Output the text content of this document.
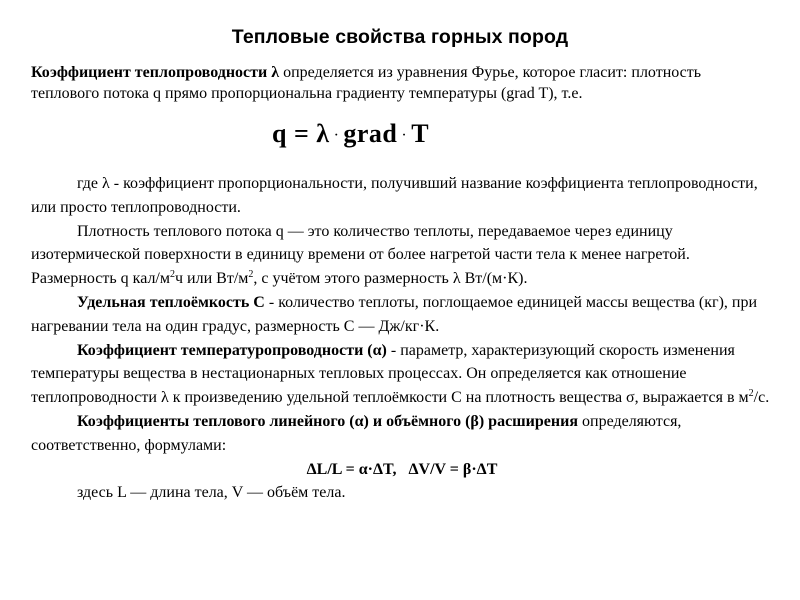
Тепловые свойства горных пород
Коэффициент теплопроводности λ определяется из уравнения Фурье, которое гласит: плотность теплового потока q прямо пропорциональна градиенту температуры (grad T), т.е.
q = λ · grad · T

где λ - коэффициент пропорциональности, получивший название коэффициента теплопроводности, или просто теплопроводности.

Плотность теплового потока q — это количество теплоты, передаваемое через единицу изотермической поверхности в единицу времени от более нагретой части тела к менее нагретой. Размерность q кал/$м^2ч$ или $Вт/м^2$, с учётом этого размерность λ Вт/(м·К).

Удельная теплоёмкость С - количество теплоты, поглощаемое единицей массы вещества (кг), при нагревании тела на один градус, размерность С — Дж/кг·К.

Коэффициент температуропроводности (α) - параметр, характеризующий скорость изменения температуры вещества в нестационарных тепловых процессах. Он определяется как отношение теплопроводности λ к произведению удельной теплоёмкости С на плотность вещества σ, выражается в $м^2/с$.

Коэффициенты теплового линейного (α) и объёмного (β) расширения определяются, соответственно, формулами:

ΔL/L = α·ΔT,   ΔV/V = β·ΔT

здесь L — длина тела, V — объём тела.
